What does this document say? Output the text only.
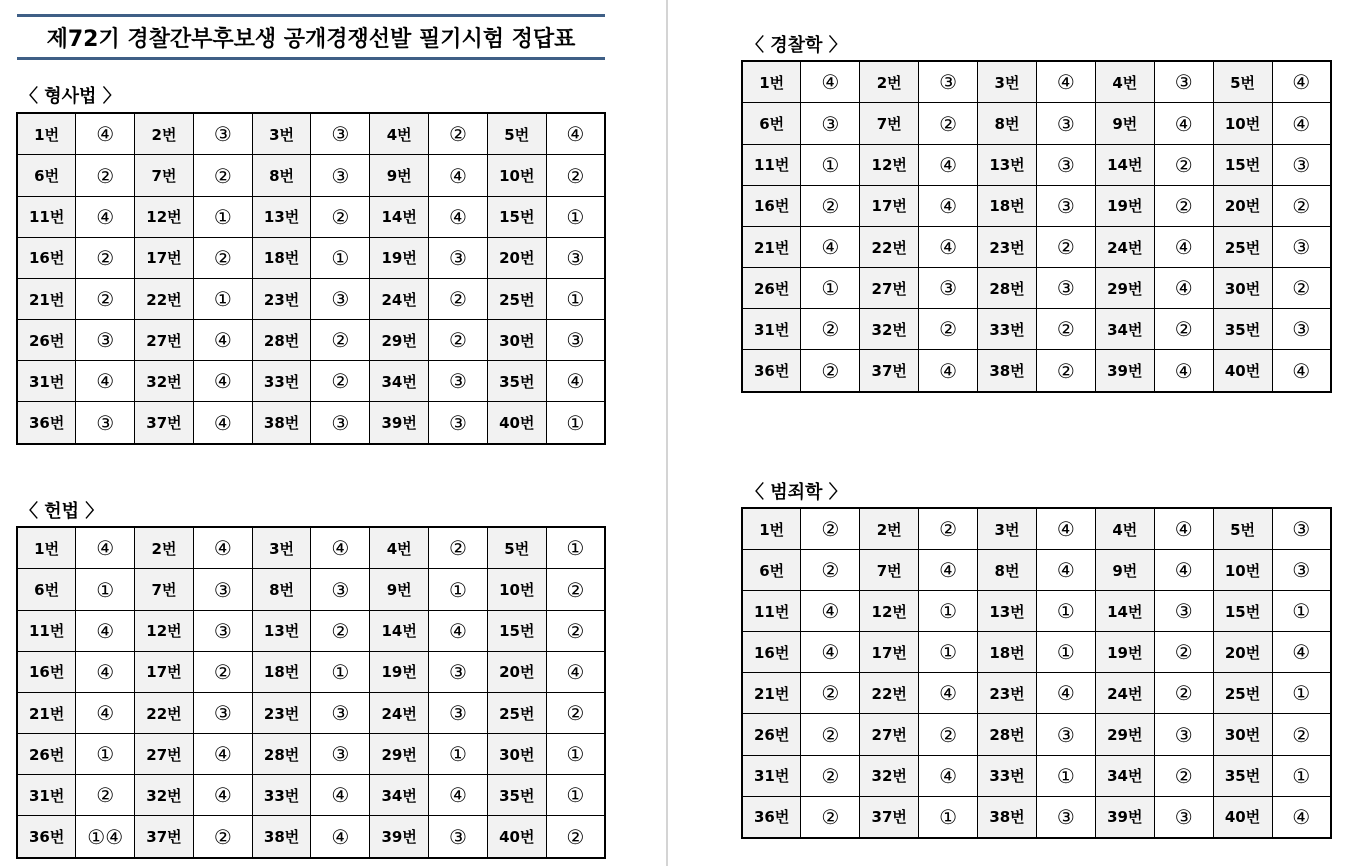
제72기 경찰간부후보생 공개경쟁선발 필기시험 정답표
〈 형사법 〉
1번	④	2번	③	3번	③	4번	②	5번	④
6번	②	7번	②	8번	③	9번	④	10번	②
11번	④	12번	①	13번	②	14번	④	15번	①
16번	②	17번	②	18번	①	19번	③	20번	③
21번	②	22번	①	23번	③	24번	②	25번	①
26번	③	27번	④	28번	②	29번	②	30번	③
31번	④	32번	④	33번	②	34번	③	35번	④
36번	③	37번	④	38번	③	39번	③	40번	①
〈 헌법 〉
1번	④	2번	④	3번	④	4번	②	5번	①
6번	①	7번	③	8번	③	9번	①	10번	②
11번	④	12번	③	13번	②	14번	④	15번	②
16번	④	17번	②	18번	①	19번	③	20번	④
21번	④	22번	③	23번	③	24번	③	25번	②
26번	①	27번	④	28번	③	29번	①	30번	①
31번	②	32번	④	33번	④	34번	④	35번	①
36번	①④	37번	②	38번	④	39번	③	40번	②
〈 경찰학 〉
1번	④	2번	③	3번	④	4번	③	5번	④
6번	③	7번	②	8번	③	9번	④	10번	④
11번	①	12번	④	13번	③	14번	②	15번	③
16번	②	17번	④	18번	③	19번	②	20번	②
21번	④	22번	④	23번	②	24번	④	25번	③
26번	①	27번	③	28번	③	29번	④	30번	②
31번	②	32번	②	33번	②	34번	②	35번	③
36번	②	37번	④	38번	②	39번	④	40번	④
〈 범죄학 〉
1번	②	2번	②	3번	④	4번	④	5번	③
6번	②	7번	④	8번	④	9번	④	10번	③
11번	④	12번	①	13번	①	14번	③	15번	①
16번	④	17번	①	18번	①	19번	②	20번	④
21번	②	22번	④	23번	④	24번	②	25번	①
26번	②	27번	②	28번	③	29번	③	30번	②
31번	②	32번	④	33번	①	34번	②	35번	①
36번	②	37번	①	38번	③	39번	③	40번	④
